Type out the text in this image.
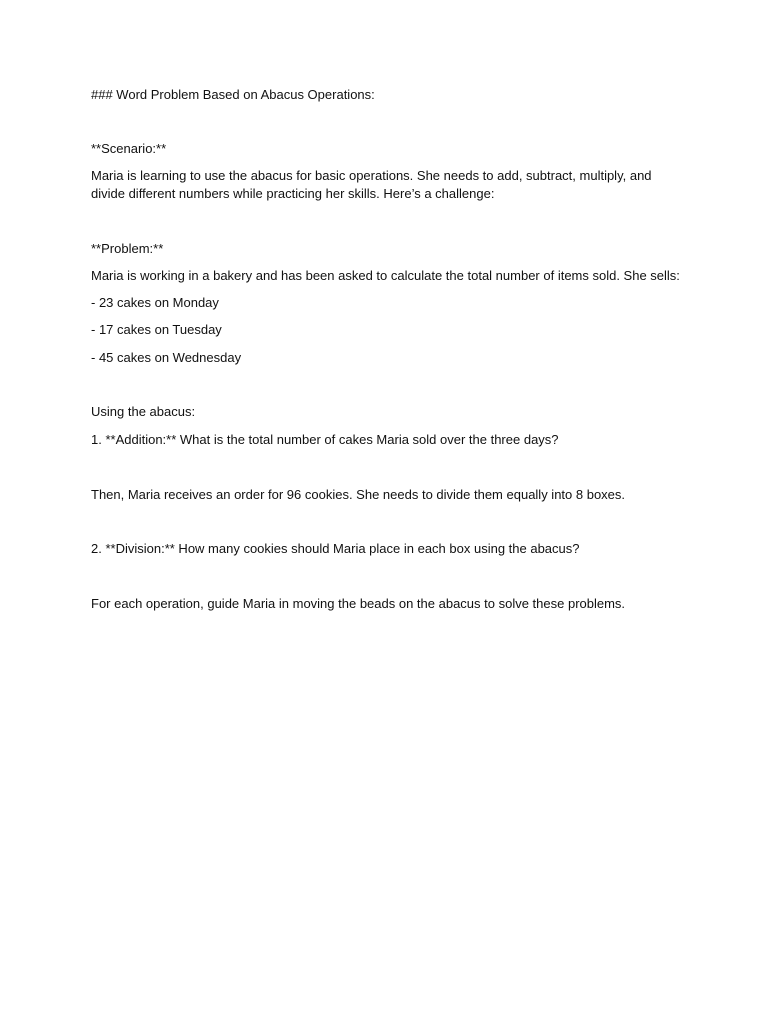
### Word Problem Based on Abacus Operations:
**Scenario:**
Maria is learning to use the abacus for basic operations. She needs to add, subtract, multiply, and divide different numbers while practicing her skills. Here’s a challenge:
**Problem:**
Maria is working in a bakery and has been asked to calculate the total number of items sold. She sells:
- 23 cakes on Monday
- 17 cakes on Tuesday
- 45 cakes on Wednesday
Using the abacus:
1. **Addition:** What is the total number of cakes Maria sold over the three days?
Then, Maria receives an order for 96 cookies. She needs to divide them equally into 8 boxes.
2. **Division:** How many cookies should Maria place in each box using the abacus?
For each operation, guide Maria in moving the beads on the abacus to solve these problems.
